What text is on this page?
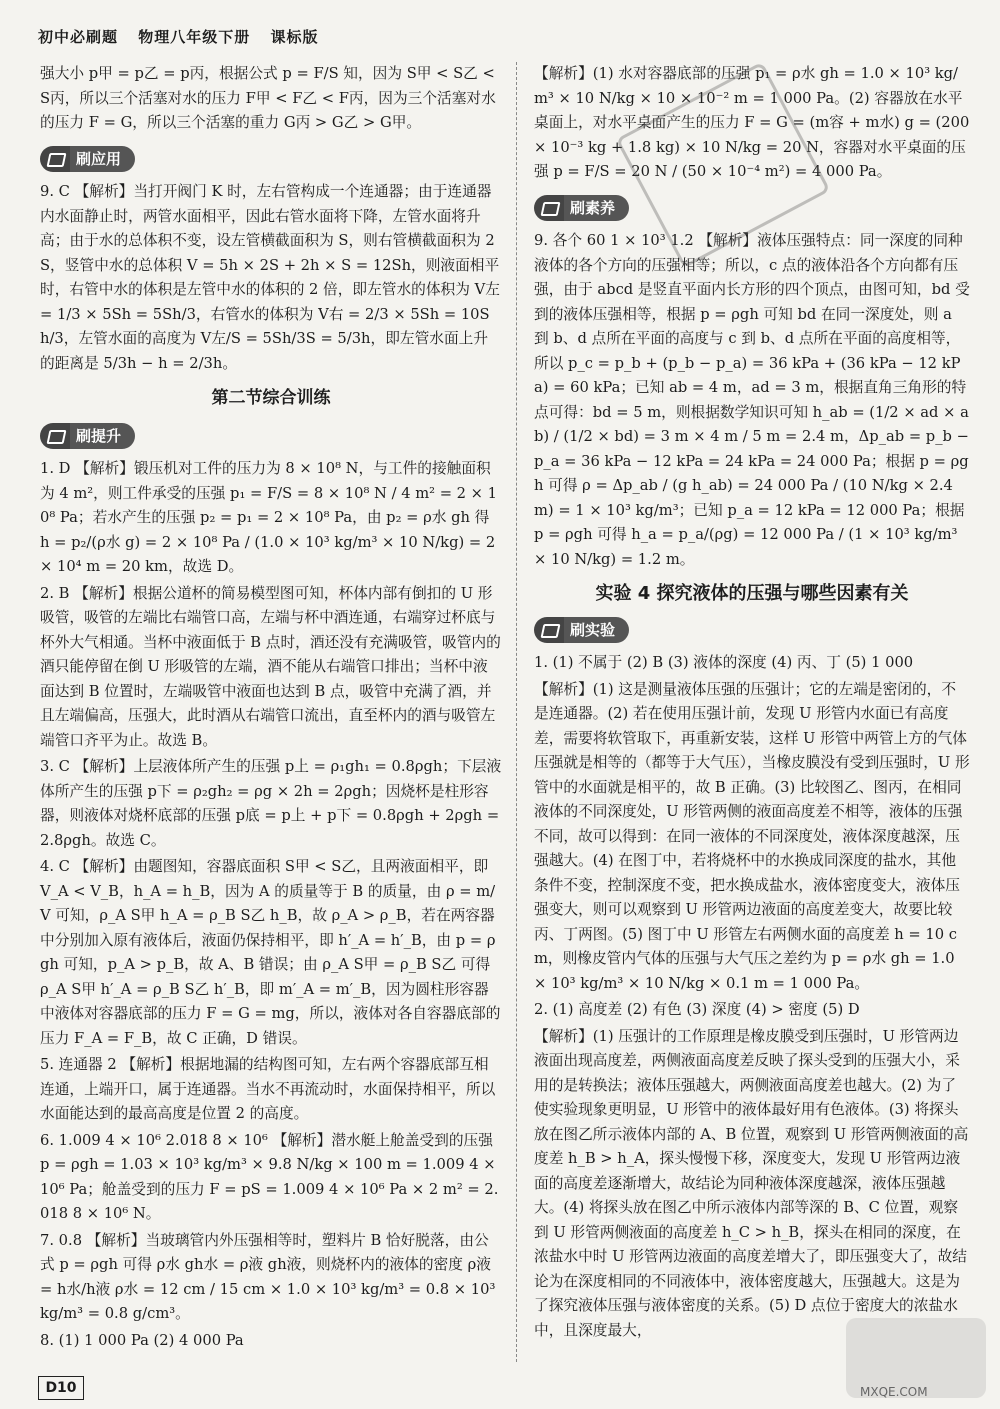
初中必刷题 物理八年级下册 课标版

强大小 p甲 = p乙 = p丙，根据公式 p = F/S 知，因为 S甲 < S乙 < S丙，所以三个活塞对水的压力 F甲 < F乙 < F丙，因为三个活塞对水的压力 F = G，所以三个活塞的重力 G丙 > G乙 > G甲。

刷应用

9. C 【解析】当打开阀门 K 时，左右管构成一个连通器；由于连通器内水面静止时，两管水面相平，因此右管水面将下降，左管水面将升高；由于水的总体积不变，设左管横截面积为 S，则右管横截面积为 2S，竖管中水的总体积 V = 5h × 2S + 2h × S = 12Sh，则液面相平时，右管中水的体积是左管中水的体积的 2 倍，即左管水的体积为 V左 = 1/3 × 5Sh = 5Sh/3，右管水的体积为 V右 = 2/3 × 5Sh = 10Sh/3，左管水面的高度为 V左/S = 5Sh/3S = 5/3h，即左管水面上升的距离是 5/3h − h = 2/3h。

第二节综合训练
刷提升

1. D 【解析】锻压机对工件的压力为 8 × 10⁸ N，与工件的接触面积为 4 m²，则工件承受的压强 p₁ = F/S = 8 × 10⁸ N / 4 m² = 2 × 10⁸ Pa；若水产生的压强 p₂ = p₁ = 2 × 10⁸ Pa，由 p₂ = ρ水 gh 得 h = p₂/(ρ水 g) = 2 × 10⁸ Pa / (1.0 × 10³ kg/m³ × 10 N/kg) = 2 × 10⁴ m = 20 km，故选 D。

2. B 【解析】根据公道杯的简易模型图可知，杯体内部有倒扣的 U 形吸管，吸管的左端比右端管口高，左端与杯中酒连通，右端穿过杯底与杯外大气相通。当杯中液面低于 B 点时，酒还没有充满吸管，吸管内的酒只能停留在倒 U 形吸管的左端，酒不能从右端管口排出；当杯中液面达到 B 位置时，左端吸管中液面也达到 B 点，吸管中充满了酒，并且左端偏高，压强大，此时酒从右端管口流出，直至杯内的酒与吸管左端管口齐平为止。故选 B。

3. C 【解析】上层液体所产生的压强 p上 = ρ₁gh₁ = 0.8ρgh；下层液体所产生的压强 p下 = ρ₂gh₂ = ρg × 2h = 2ρgh；因烧杯是柱形容器，则液体对烧杯底部的压强 p底 = p上 + p下 = 0.8ρgh + 2ρgh = 2.8ρgh。故选 C。

4. C 【解析】由题图知，容器底面积 S甲 < S乙，且两液面相平，即 V_A < V_B，h_A = h_B，因为 A 的质量等于 B 的质量，由 ρ = m/V 可知，ρ_A S甲 h_A = ρ_B S乙 h_B，故 ρ_A > ρ_B，若在两容器中分别加入原有液体后，液面仍保持相平，即 h′_A = h′_B，由 p = ρgh 可知，p_A > p_B，故 A、B 错误；由 ρ_A S甲 = ρ_B S乙 可得 ρ_A S甲 h′_A = ρ_B S乙 h′_B，即 m′_A = m′_B，因为圆柱形容器中液体对容器底部的压力 F = G = mg，所以，液体对各自容器底部的压力 F_A = F_B，故 C 正确，D 错误。

5. 连通器 2 【解析】根据地漏的结构图可知，左右两个容器底部互相连通，上端开口，属于连通器。当水不再流动时，水面保持相平，所以水面能达到的最高高度是位置 2 的高度。

6. 1.009 4 × 10⁶ 2.018 8 × 10⁶ 【解析】潜水艇上舱盖受到的压强 p = ρgh = 1.03 × 10³ kg/m³ × 9.8 N/kg × 100 m = 1.009 4 × 10⁶ Pa；舱盖受到的压力 F = pS = 1.009 4 × 10⁶ Pa × 2 m² = 2.018 8 × 10⁶ N。

7. 0.8 【解析】当玻璃管内外压强相等时，塑料片 B 恰好脱落，由公式 p = ρgh 可得 ρ水 gh水 = ρ液 gh液，则烧杯内的液体的密度 ρ液 = h水/h液 ρ水 = 12 cm / 15 cm × 1.0 × 10³ kg/m³ = 0.8 × 10³ kg/m³ = 0.8 g/cm³。

8. (1) 1 000 Pa (2) 4 000 Pa

【解析】(1) 水对容器底部的压强 p₁ = ρ水 gh = 1.0 × 10³ kg/m³ × 10 N/kg × 10 × 10⁻² m = 1 000 Pa。(2) 容器放在水平桌面上，对水平桌面产生的压力 F = G = (m容 + m水) g = (200 × 10⁻³ kg + 1.8 kg) × 10 N/kg = 20 N，容器对水平桌面的压强 p = F/S = 20 N / (50 × 10⁻⁴ m²) = 4 000 Pa。

刷素养

9. 各个 60 1 × 10³ 1.2 【解析】液体压强特点：同一深度的同种液体的各个方向的压强相等；所以，c 点的液体沿各个方向都有压强，由于 abcd 是竖直平面内长方形的四个顶点，由图可知，bd 受到的液体压强相等，根据 p = ρgh 可知 bd 在同一深度处，则 a 到 b、d 点所在平面的高度与 c 到 b、d 点所在平面的高度相等，所以 p_c = p_b + (p_b − p_a) = 36 kPa + (36 kPa − 12 kPa) = 60 kPa；已知 ab = 4 m，ad = 3 m，根据直角三角形的特点可得：bd = 5 m，则根据数学知识可知 h_ab = (1/2 × ad × ab) / (1/2 × bd) = 3 m × 4 m / 5 m = 2.4 m，Δp_ab = p_b − p_a = 36 kPa − 12 kPa = 24 kPa = 24 000 Pa；根据 p = ρgh 可得 ρ = Δp_ab / (g h_ab) = 24 000 Pa / (10 N/kg × 2.4 m) = 1 × 10³ kg/m³；已知 p_a = 12 kPa = 12 000 Pa；根据 p = ρgh 可得 h_a = p_a/(ρg) = 12 000 Pa / (1 × 10³ kg/m³ × 10 N/kg) = 1.2 m。

实验 4 探究液体的压强与哪些因素有关
刷实验

1. (1) 不属于 (2) B (3) 液体的深度 (4) 丙、丁 (5) 1 000

【解析】(1) 这是测量液体压强的压强计；它的左端是密闭的，不是连通器。(2) 若在使用压强计前，发现 U 形管内水面已有高度差，需要将软管取下，再重新安装，这样 U 形管中两管上方的气体压强就是相等的（都等于大气压），当橡皮膜没有受到压强时，U 形管中的水面就是相平的，故 B 正确。(3) 比较图乙、图丙，在相同液体的不同深度处，U 形管两侧的液面高度差不相等，液体的压强不同，故可以得到：在同一液体的不同深度处，液体深度越深，压强越大。(4) 在图丁中，若将烧杯中的水换成同深度的盐水，其他条件不变，控制深度不变，把水换成盐水，液体密度变大，液体压强变大，则可以观察到 U 形管两边液面的高度差变大，故要比较丙、丁两图。(5) 图丁中 U 形管左右两侧水面的高度差 h = 10 cm，则橡皮管内气体的压强与大气压之差约为 p = ρ水 gh = 1.0 × 10³ kg/m³ × 10 N/kg × 0.1 m = 1 000 Pa。

2. (1) 高度差 (2) 有色 (3) 深度 (4) > 密度 (5) D

【解析】(1) 压强计的工作原理是橡皮膜受到压强时，U 形管两边液面出现高度差，两侧液面高度差反映了探头受到的压强大小，采用的是转换法；液体压强越大，两侧液面高度差也越大。(2) 为了使实验现象更明显，U 形管中的液体最好用有色液体。(3) 将探头放在图乙所示液体内部的 A、B 位置，观察到 U 形管两侧液面的高度差 h_B > h_A，探头慢慢下移，深度变大，发现 U 形管两边液面的高度差逐渐增大，故结论为同种液体深度越深，液体压强越大。(4) 将探头放在图乙中所示液体内部等深的 B、C 位置，观察到 U 形管两侧液面的高度差 h_C > h_B，探头在相同的深度，在浓盐水中时 U 形管两边液面的高度差增大了，即压强变大了，故结论为在深度相同的不同液体中，液体密度越大，压强越大。这是为了探究液体压强与液体密度的关系。(5) D 点位于密度大的浓盐水中，且深度最大，

MXQE.COM
D10
